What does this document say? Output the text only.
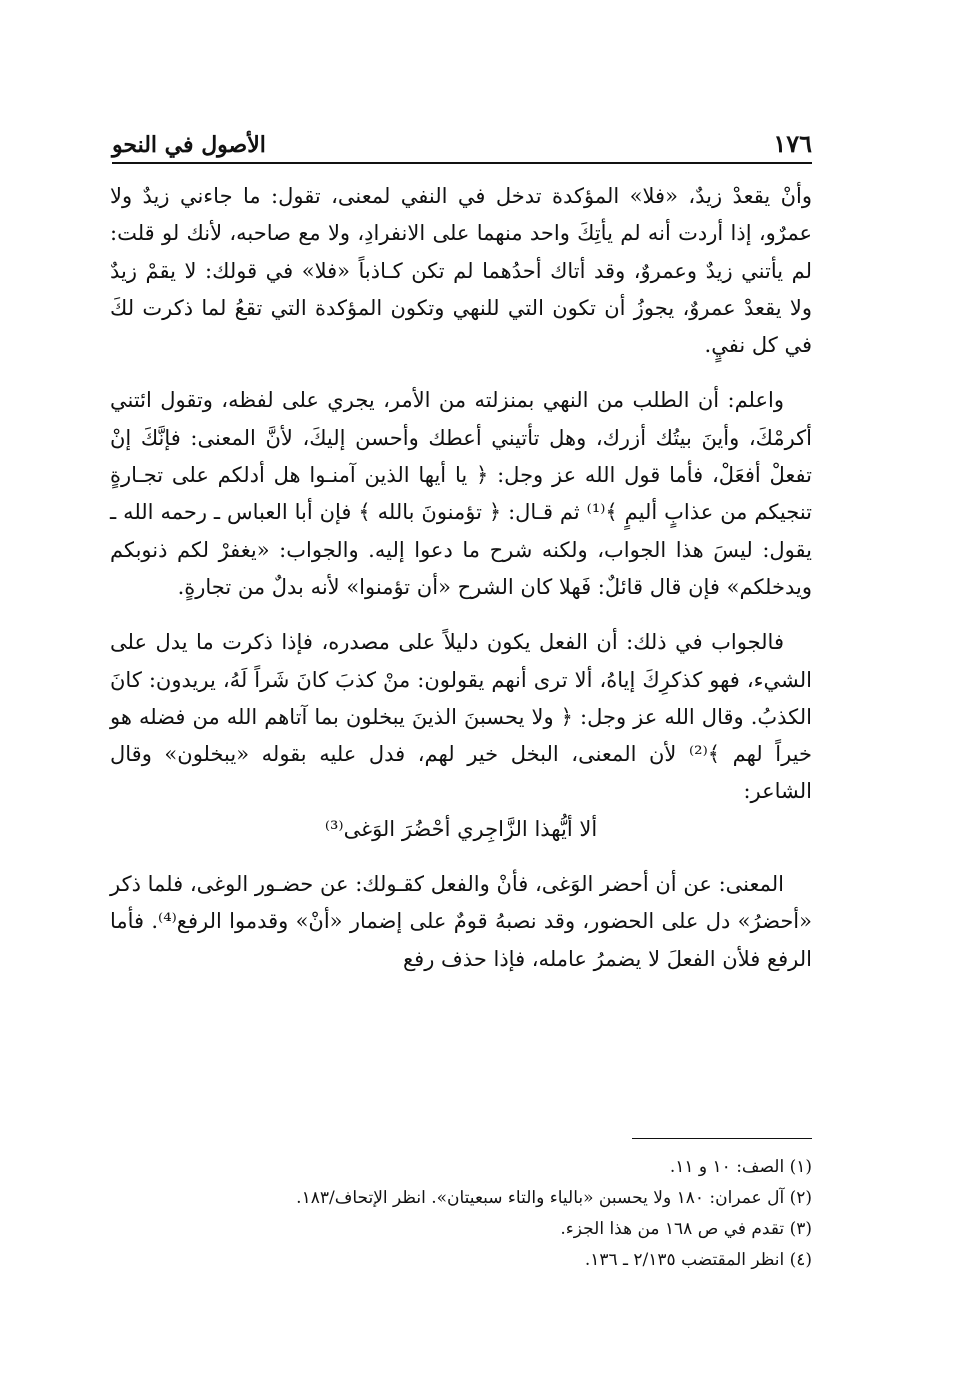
١٧٦
الأصول في النحو

وأنْ يقعدْ زيدٌ، «فلا» المؤكدة تدخل في النفي لمعنى، تقول: ما جاءني زيدٌ ولا عمرٌو، إذا أردت أنه لم يأتِكَ واحد منهما على الانفرادِ، ولا مع صاحبه، لأنك لو قلت: لم يأتني زيدٌ وعمروٌ، وقد أتاك أحدُهما لم تكن كـاذباً «فلا» في قولك: لا يقمْ زيدٌ ولا يقعدْ عمروٌ، يجوزُ أن تكون التي للنهي وتكون المؤكدة التي تقعُ لما ذكرت لكَ في كل نفيٍ.

واعلم: أن الطلب من النهي بمنزلته من الأمر، يجري على لفظه، وتقول ائتني أكرمْكَ، وأينَ بيتُك أزرك، وهل تأتيني أعطك وأحسن إليكَ، لأنَّ المعنى: فإنَّكَ إنْ تفعلْ أفعَلْ، فأما قول الله عز وجل: ﴿ يا أيها الذين آمنـوا هل أدلكم على تجـارةٍ تنجيكم من عذابٍ أليمٍ ﴾⁽¹⁾ ثم قـال: ﴿ تؤمنونَ بالله ﴾ فإن أبا العباس ـ رحمه الله ـ يقول: ليسَ هذا الجواب، ولكنه شرح ما دعوا إليه. والجواب: «يغفرْ لكم ذنوبكم ويدخلكم» فإن قال قائلٌ: فَهلا كان الشرح «أن تؤمنوا» لأنه بدلٌ من تجارةٍ.

فالجواب في ذلك: أن الفعل يكون دليلاً على مصدره، فإذا ذكرت ما يدل على الشيء، فهو كذكرِكَ إياهُ، ألا ترى أنهم يقولون: منْ كذبَ كانَ شَراً لَهُ، يريدون: كانَ الكذبُ. وقال الله عز وجل: ﴿ ولا يحسبنَ الذينَ يبخلون بما آتاهم الله من فضله هو خيراً لهم ﴾⁽²⁾ لأن المعنى، البخل خير لهم، فدل عليه بقوله «يبخلون» وقال الشاعر:

ألا أيُّهذا الزَّاجِري أحْضُرَ الوَغى⁽³⁾

المعنى: عن أن أحضر الوَغى، فأنْ والفعل كقـولك: عن حضـور الوغى، فلما ذكر «أحضرُ» دل على الحضور، وقد نصبهُ قومٌ على إضمار «أنْ» وقدموا الرفع⁽⁴⁾. فأما الرفع فلأن الفعلَ لا يضمرُ عامله، فإذا حذف رفع

(١) الصف: ١٠ و ١١.
(٢) آل عمران: ١٨٠ ولا يحسبن «بالياء والتاء سبعيتان». انظر الإتحاف/١٨٣.
(٣) تقدم في ص ١٦٨ من هذا الجزء.
(٤) انظر المقتضب ٢/١٣٥ ـ ١٣٦.
